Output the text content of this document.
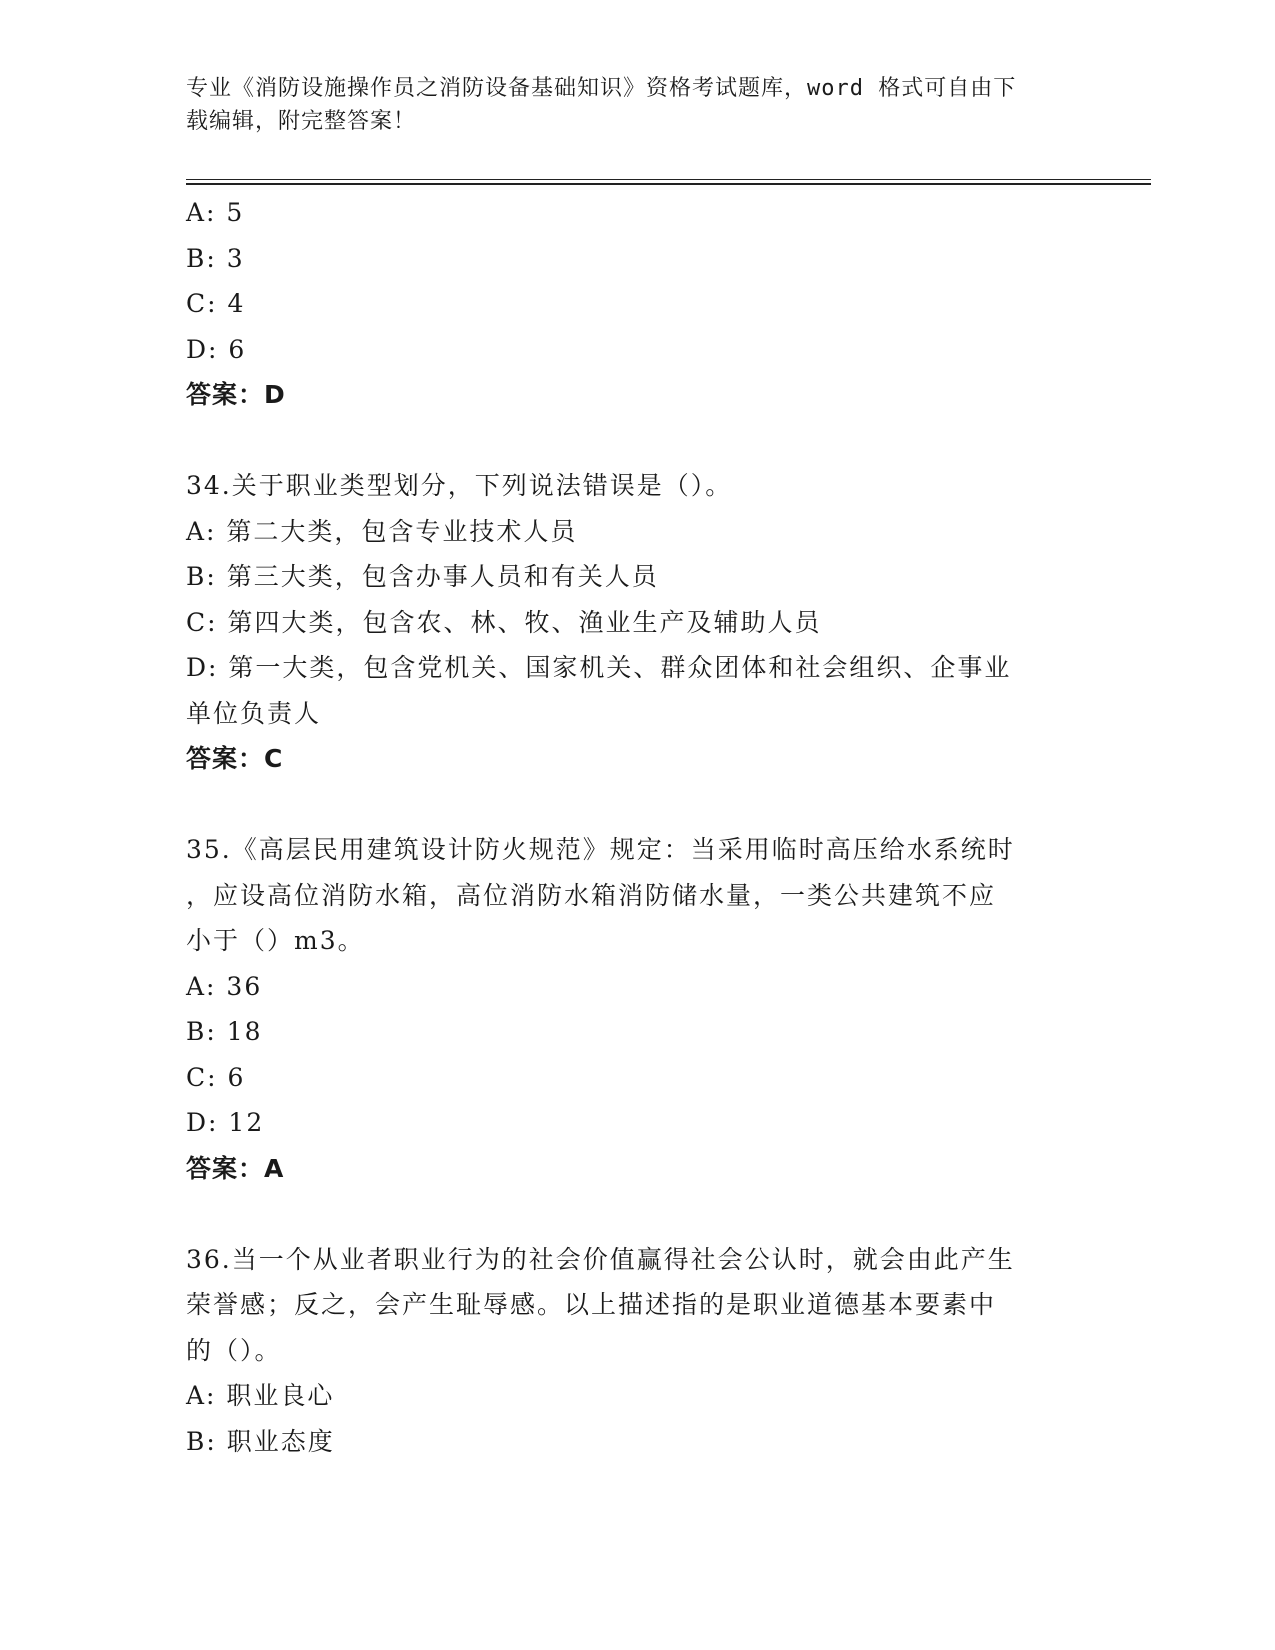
专业《消防设施操作员之消防设备基础知识》资格考试题库，word 格式可自由下
载编辑，附完整答案！
A: 5
B: 3
C: 4
D: 6
答案：D
34.关于职业类型划分，下列说法错误是（）。
A: 第二大类，包含专业技术人员
B: 第三大类，包含办事人员和有关人员
C: 第四大类，包含农、林、牧、渔业生产及辅助人员
D: 第一大类，包含党机关、国家机关、群众团体和社会组织、企事业
单位负责人
答案：C
35.《高层民用建筑设计防火规范》规定：当采用临时高压给水系统时
，应设高位消防水箱，高位消防水箱消防储水量，一类公共建筑不应
小于（）m3。
A: 36
B: 18
C: 6
D: 12
答案：A
36.当一个从业者职业行为的社会价值赢得社会公认时，就会由此产生
荣誉感；反之，会产生耻辱感。以上描述指的是职业道德基本要素中
的（）。
A: 职业良心
B: 职业态度
